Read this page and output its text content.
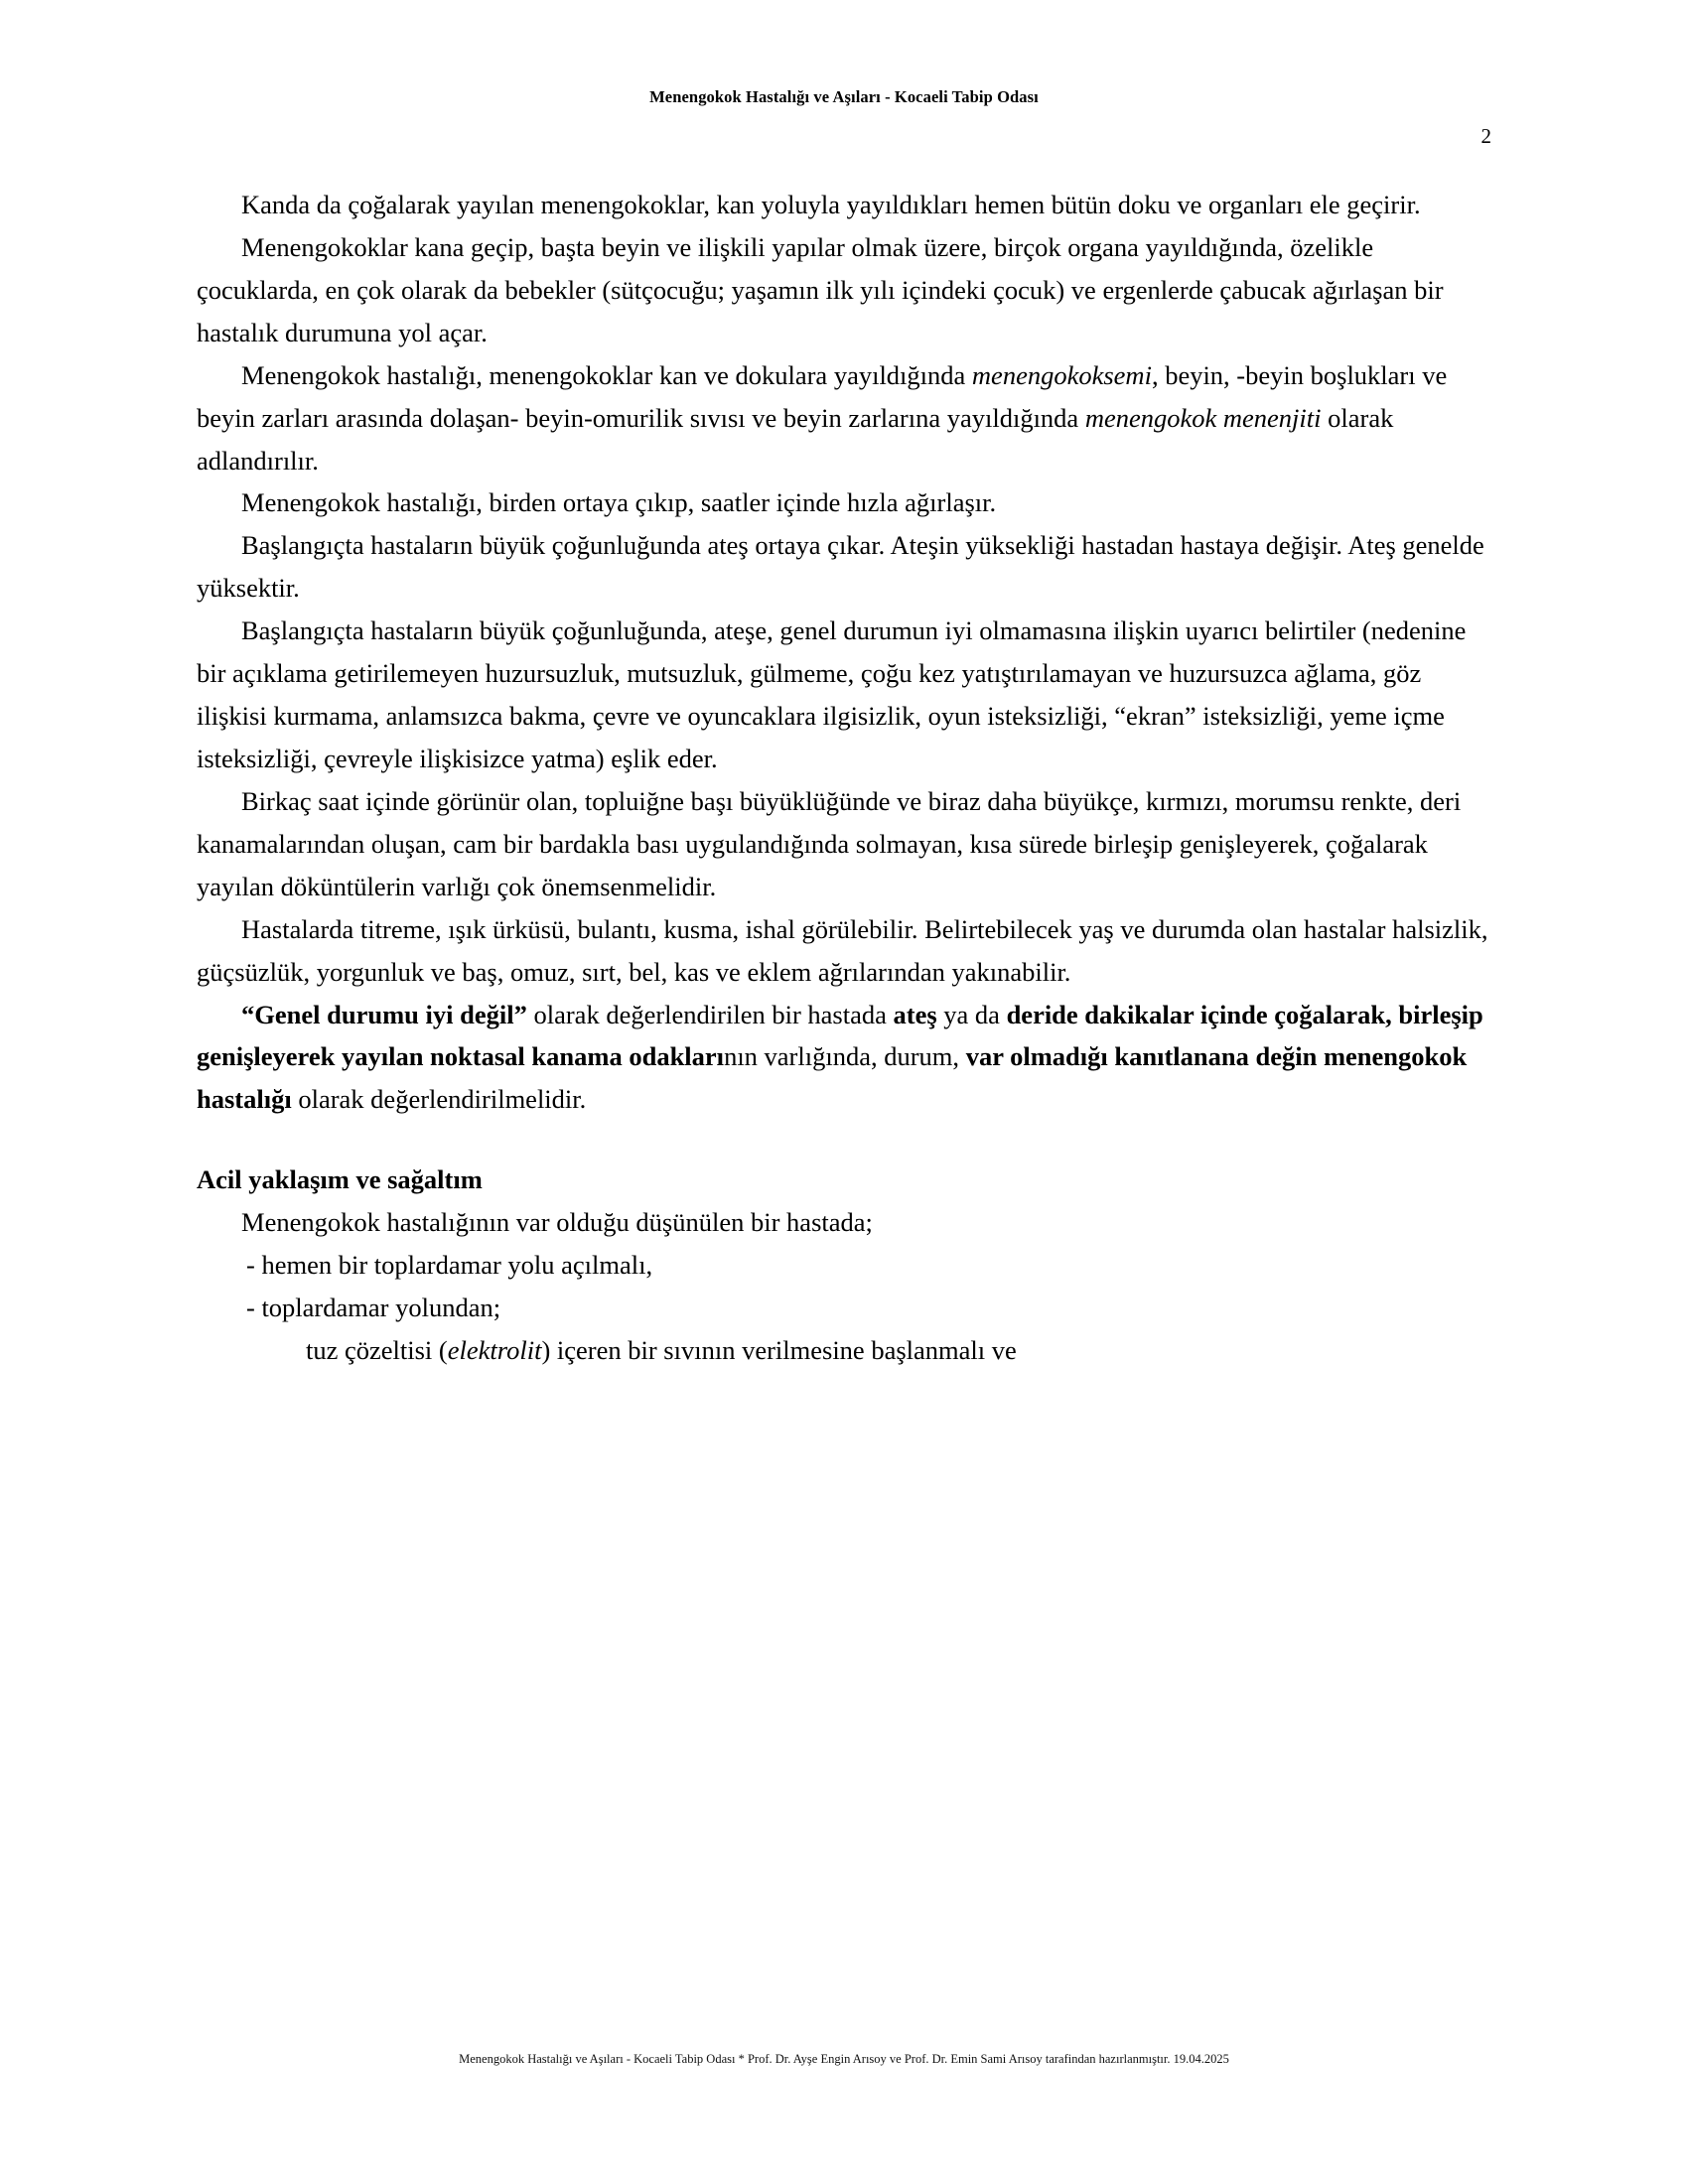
Menengokok Hastalığı ve Aşıları - Kocaeli Tabip Odası
2

Kanda da çoğalarak yayılan menengokoklar, kan yoluyla yayıldıkları hemen bütün doku ve organları ele geçirir.

Menengokoklar kana geçip, başta beyin ve ilişkili yapılar olmak üzere, birçok organa yayıldığında, özelikle çocuklarda, en çok olarak da bebekler (sütçocuğu; yaşamın ilk yılı içindeki çocuk) ve ergenlerde çabucak ağırlaşan bir hastalık durumuna yol açar.

Menengokok hastalığı, menengokoklar kan ve dokulara yayıldığında menengokoksemi, beyin, -beyin boşlukları ve beyin zarları arasında dolaşan- beyin-omurilik sıvısı ve beyin zarlarına yayıldığında menengokok menenjiti olarak adlandırılır.

Menengokok hastalığı, birden ortaya çıkıp, saatler içinde hızla ağırlaşır.

Başlangıçta hastaların büyük çoğunluğunda ateş ortaya çıkar. Ateşin yüksekliği hastadan hastaya değişir. Ateş genelde yüksektir.

Başlangıçta hastaların büyük çoğunluğunda, ateşe, genel durumun iyi olmamasına ilişkin uyarıcı belirtiler (nedenine bir açıklama getirilemeyen huzursuzluk, mutsuzluk, gülmeme, çoğu kez yatıştırılamayan ve huzursuzca ağlama, göz ilişkisi kurmama, anlamsızca bakma, çevre ve oyuncaklara ilgisizlik, oyun isteksizliği, “ekran” isteksizliği, yeme içme isteksizliği, çevreyle ilişkisizce yatma) eşlik eder.

Birkaç saat içinde görünür olan, topluiğne başı büyüklüğünde ve biraz daha büyükçe, kırmızı, morumsu renkte, deri kanamalarından oluşan, cam bir bardakla bası uygulandığında solmayan, kısa sürede birleşip genişleyerek, çoğalarak yayılan döküntülerin varlığı çok önemsenmelidir.

Hastalarda titreme, ışık ürküsü, bulantı, kusma, ishal görülebilir. Belirtebilecek yaş ve durumda olan hastalar halsizlik, güçsüzlük, yorgunluk ve baş, omuz, sırt, bel, kas ve eklem ağrılarından yakınabilir.

“Genel durumu iyi değil” olarak değerlendirilen bir hastada ateş ya da deride dakikalar içinde çoğalarak, birleşip genişleyerek yayılan noktasal kanama odaklarının varlığında, durum, var olmadığı kanıtlanana değin menengokok hastalığı olarak değerlendirilmelidir.

Acil yaklaşım ve sağaltım

Menengokok hastalığının var olduğu düşünülen bir hastada;

- hemen bir toplardamar yolu açılmalı,

- toplardamar yolundan;

tuz çözeltisi (elektrolit) içeren bir sıvının verilmesine başlanmalı ve

Menengokok Hastalığı ve Aşıları - Kocaeli Tabip Odası * Prof. Dr. Ayşe Engin Arısoy ve Prof. Dr. Emin Sami Arısoy tarafindan hazırlanmıştır. 19.04.2025
